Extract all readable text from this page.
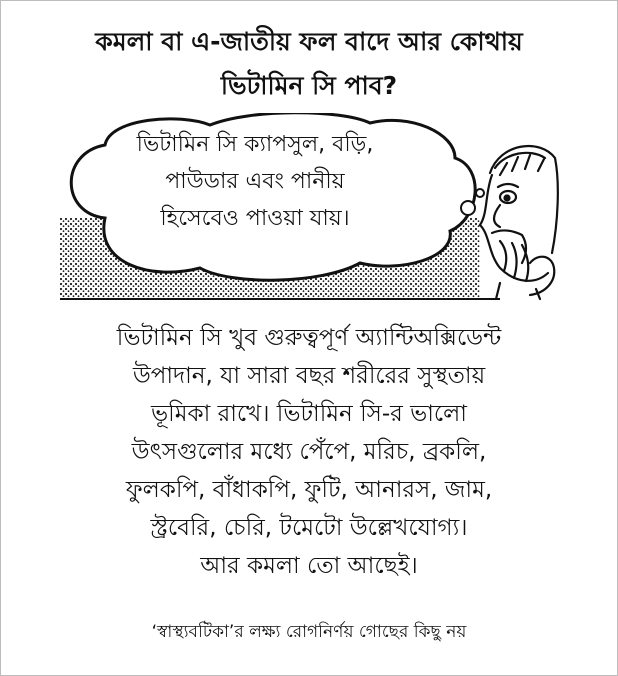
কমলা বা এ-জাতীয় ফল বাদে আর কোথায়
ভিটামিন সি পাব?
ভিটামিন সি ক্যাপসুল, বড়ি,
পাউডার এবং পানীয়
হিসেবেও পাওয়া যায়।
ভিটামিন সি খুব গুরুত্বপূর্ণ অ্যান্টিঅক্সিডেন্ট
উপাদান, যা সারা বছর শরীরের সুস্থতায়
ভূমিকা রাখে। ভিটামিন সি-র ভালো
উৎসগুলোর মধ্যে পেঁপে, মরিচ, ব্রকলি,
ফুলকপি, বাঁধাকপি, ফুটি, আনারস, জাম,
স্ট্রবেরি, চেরি, টমেটো উল্লেখযোগ্য।
আর কমলা তো আছেই।
‘স্বাস্থ্যবটিকা’র লক্ষ্য রোগনির্ণয় গোছের কিছু নয়
